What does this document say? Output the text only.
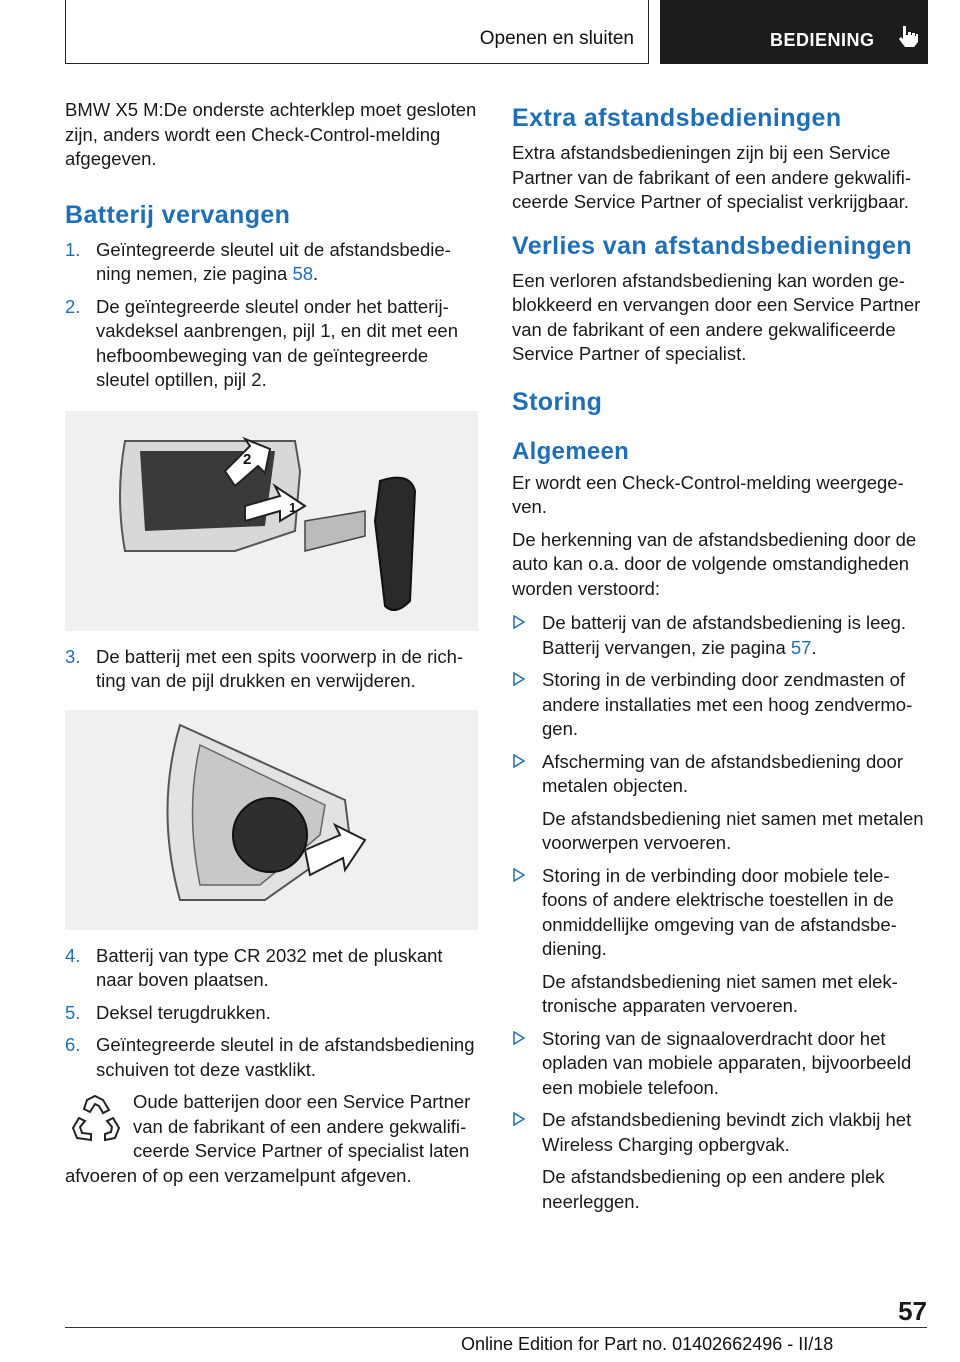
Openen en sluiten	BEDIENING

BMW X5 M:De onderste achterklep moet gesloten zijn, anders wordt een Check-Control-melding afgegeven.

Batterij vervangen
1. Geïntegreerde sleutel uit de afstandsbediening nemen, zie pagina 58.
2. De geïntegreerde sleutel onder het batterijvakdeksel aanbrengen, pijl 1, en dit met een hefboombeweging van de geïntegreerde sleutel optillen, pijl 2.
1
2
3. De batterij met een spits voorwerp in de richting van de pijl drukken en verwijderen.
4. Batterij van type CR 2032 met de pluskant naar boven plaatsen.
5. Deksel terugdrukken.
6. Geïntegreerde sleutel in de afstandsbediening schuiven tot deze vastklikt.
Oude batterijen door een Service Partner van de fabrikant of een andere gekwalificeerde Service Partner of specialist laten afvoeren of op een verzamelpunt afgeven.
Extra afstandsbedieningen

Extra afstandsbedieningen zijn bij een Service Partner van de fabrikant of een andere gekwalificeerde Service Partner of specialist verkrijgbaar.

Verlies van afstandsbedieningen

Een verloren afstandsbediening kan worden geblokkeerd en vervangen door een Service Partner van de fabrikant of een andere gekwalificeerde Service Partner of specialist.

Storing
Algemeen

Er wordt een Check-Control-melding weergegeven.

De herkenning van de afstandsbediening door de auto kan o.a. door de volgende omstandigheden worden verstoord:

De batterij van de afstandsbediening is leeg. Batterij vervangen, zie pagina 57.
Storing in de verbinding door zendmasten of andere installaties met een hoog zendvermogen.
Afscherming van de afstandsbediening door metalen objecten.
De afstandsbediening niet samen met metalen voorwerpen vervoeren.
Storing in de verbinding door mobiele telefoons of andere elektrische toestellen in de onmiddellijke omgeving van de afstandsbediening.
De afstandsbediening niet samen met elektronische apparaten vervoeren.
Storing van de signaaloverdracht door het opladen van mobiele apparaten, bijvoorbeeld een mobiele telefoon.
De afstandsbediening bevindt zich vlakbij het Wireless Charging opbergvak.
De afstandsbediening op een andere plek neerleggen.
57
Online Edition for Part no. 01402662496 - II/18
